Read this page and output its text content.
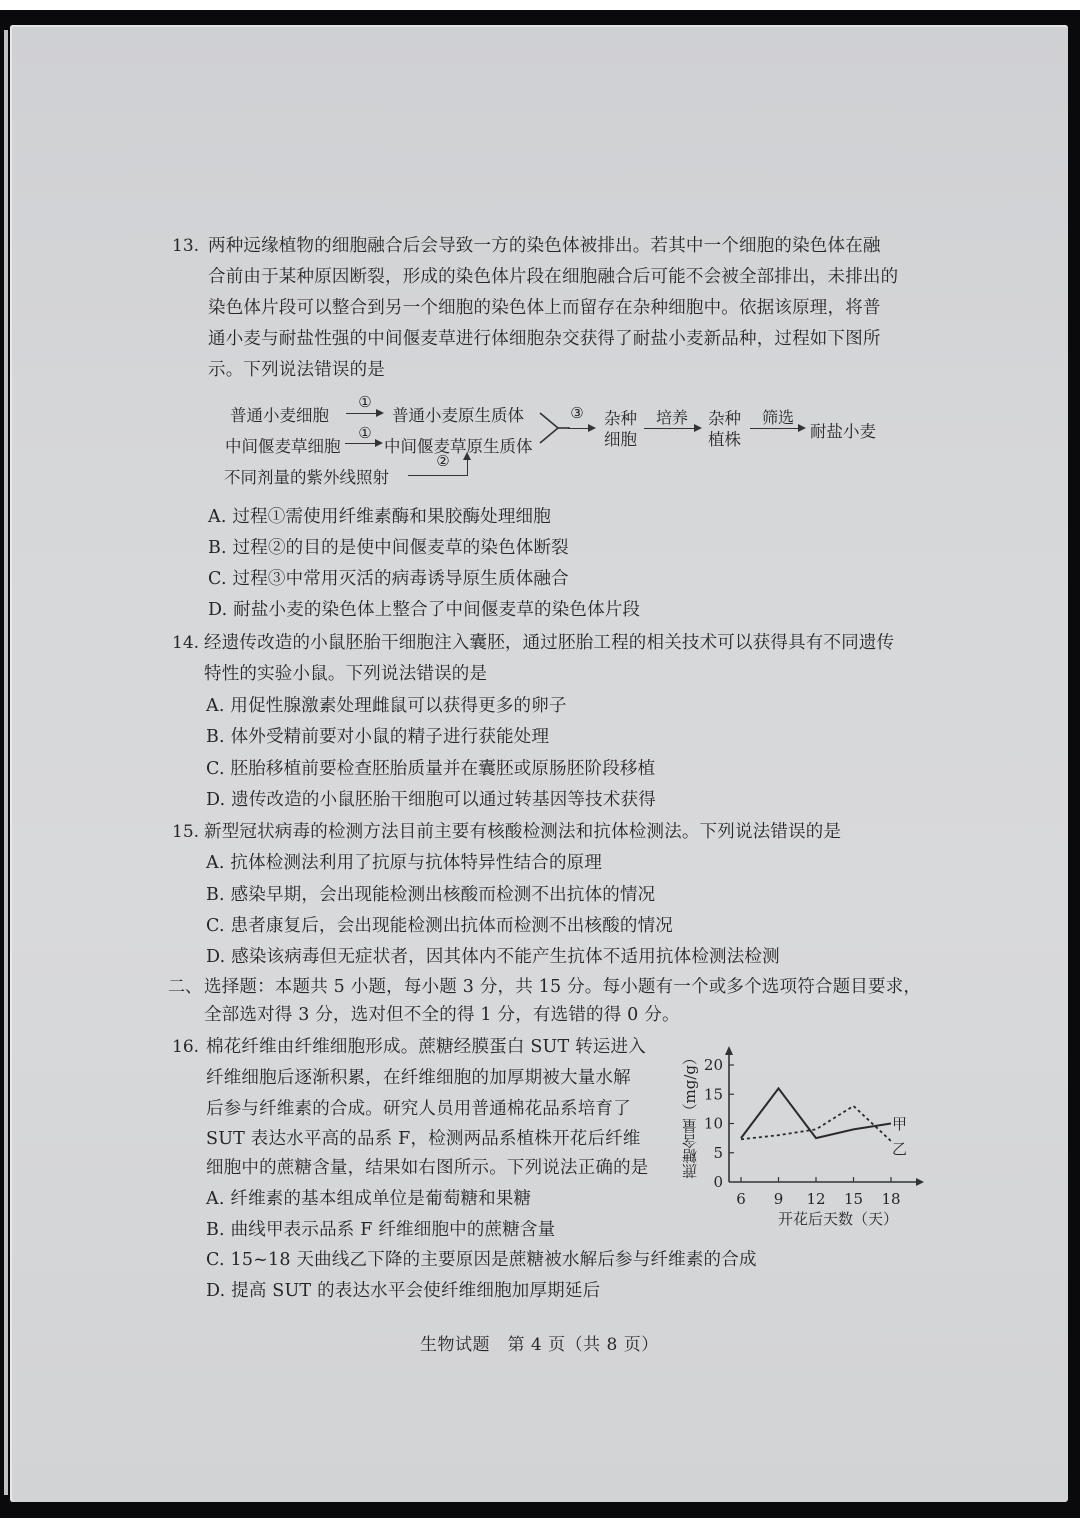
13. 两种远缘植物的细胞融合后会导致一方的染色体被排出。若其中一个细胞的染色体在融
合前由于某种原因断裂，形成的染色体片段在细胞融合后可能不会被全部排出，未排出的
染色体片段可以整合到另一个细胞的染色体上而留存在杂种细胞中。依据该原理，将普
通小麦与耐盐性强的中间偃麦草进行体细胞杂交获得了耐盐小麦新品种，过程如下图所
示。下列说法错误的是
普通小麦细胞
①
普通小麦原生质体
中间偃麦草细胞
①
中间偃麦草原生质体
不同剂量的紫外线照射
②
③ 杂种
细胞
培养	杂种
植株
筛选
耐盐小麦
A. 过程①需使用纤维素酶和果胶酶处理细胞
B. 过程②的目的是使中间偃麦草的染色体断裂
C. 过程③中常用灭活的病毒诱导原生质体融合
D. 耐盐小麦的染色体上整合了中间偃麦草的染色体片段
14. 经遗传改造的小鼠胚胎干细胞注入囊胚，通过胚胎工程的相关技术可以获得具有不同遗传
特性的实验小鼠。下列说法错误的是
A. 用促性腺激素处理雌鼠可以获得更多的卵子
B. 体外受精前要对小鼠的精子进行获能处理
C. 胚胎移植前要检查胚胎质量并在囊胚或原肠胚阶段移植
D. 遗传改造的小鼠胚胎干细胞可以通过转基因等技术获得
15. 新型冠状病毒的检测方法目前主要有核酸检测法和抗体检测法。下列说法错误的是
A. 抗体检测法利用了抗原与抗体特异性结合的原理
B. 感染早期，会出现能检测出核酸而检测不出抗体的情况
C. 患者康复后，会出现能检测出抗体而检测不出核酸的情况
D. 感染该病毒但无症状者，因其体内不能产生抗体不适用抗体检测法检测
二、 选择题：本题共 5 小题，每小题 3 分，共 15 分。每小题有一个或多个选项符合题目要求，
全部选对得 3 分，选对但不全的得 1 分，有选错的得 0 分。
16. 棉花纤维由纤维细胞形成。蔗糖经膜蛋白 SUT 转运进入
纤维细胞后逐渐积累，在纤维细胞的加厚期被大量水解
后参与纤维素的合成。研究人员用普通棉花品系培育了
SUT 表达水平高的品系 F，检测两品系植株开花后纤维
细胞中的蔗糖含量，结果如右图所示。下列说法正确的是
A. 纤维素的基本组成单位是葡萄糖和果糖
B. 曲线甲表示品系 F 纤维细胞中的蔗糖含量
C. 15~18 天曲线乙下降的主要原因是蔗糖被水解后参与纤维素的合成
D. 提高 SUT 的表达水平会使纤维细胞加厚期延后
蔗糖含量（mg/g）
0
5
10
15
20
6 9 12 15 18
开花后天数（天）
甲
乙
生物试题　第 4 页（共 8 页）
